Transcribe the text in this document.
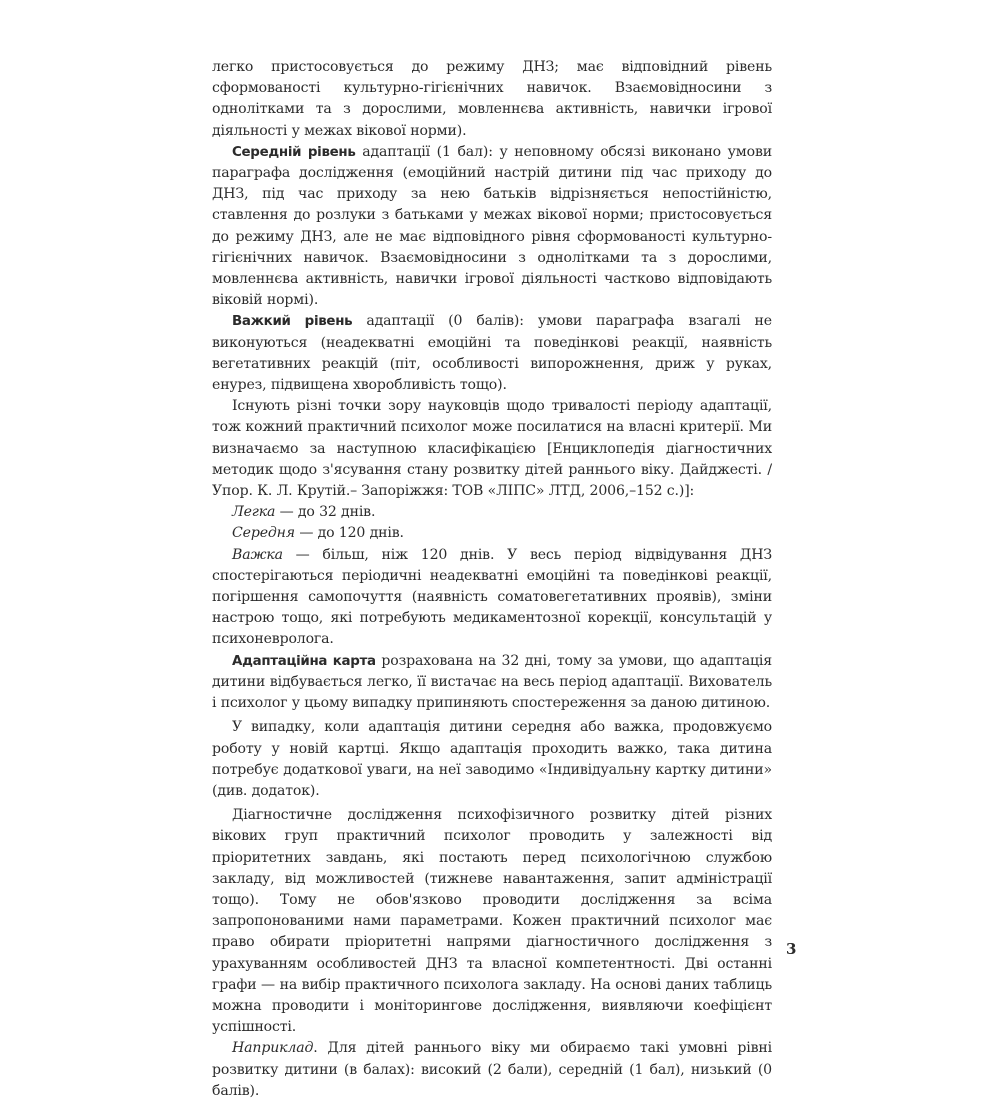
легко пристосовується до режиму ДНЗ; має відповідний рівень сформованості культурно-гігієнічних навичок. Взаємовідносини з однолітками та з дорослими, мовленнєва активність, навички ігрової діяльності у межах вікової норми).

Середній рівень адаптації (1 бал): у неповному обсязі виконано умови параграфа дослідження (емоційний настрій дитини під час приходу до ДНЗ, під час приходу за нею батьків відрізняється непостійністю, ставлення до розлуки з батьками у межах вікової норми; пристосовується до режиму ДНЗ, але не має відповідного рівня сформованості культурно-гігієнічних навичок. Взаємовідносини з однолітками та з дорослими, мовленнєва активність, навички ігрової діяльності частково відповідають віковій нормі).

Важкий рівень адаптації (0 балів): умови параграфа взагалі не виконуються (неадекватні емоційні та поведінкові реакції, наявність вегетативних реакцій (піт, особливості випорожнення, дриж у руках, енурез, підвищена хворобливість тощо).

Існують різні точки зору науковців щодо тривалості періоду адаптації, тож кожний практичний психолог може посилатися на власні критерії. Ми визначаємо за наступною класифікацією [Енциклопедія діагностичних методик щодо з'ясування стану розвитку дітей раннього віку. Дайджесті. / Упор. К. Л. Крутій.– Запоріжжя: ТОВ «ЛІПС» ЛТД, 2006,–152 с.)]:

Легка — до 32 днів.

Середня — до 120 днів.

Важка — більш, ніж 120 днів. У весь період відвідування ДНЗ спостерігаються періодичні неадекватні емоційні та поведінкові реакції, погіршення самопочуття (наявність соматовегетативних проявів), зміни настрою тощо, які потребують медикаментозної корекції, консультацій у психоневролога.

Адаптаційна карта розрахована на 32 дні, тому за умови, що адаптація дитини відбувається легко, її вистачає на весь період адаптації. Вихователь і психолог у цьому випадку припиняють спостереження за даною дитиною.

У випадку, коли адаптація дитини середня або важка, продовжуємо роботу у новій картці. Якщо адаптація проходить важко, така дитина потребує додаткової уваги, на неї заводимо «Індивідуальну картку дитини» (див. додаток).

Діагностичне дослідження психофізичного розвитку дітей різних вікових груп практичний психолог проводить у залежності від пріоритетних завдань, які постають перед психологічною службою закладу, від можливостей (тижневе навантаження, запит адміністрації тощо). Тому не обов'язково проводити дослідження за всіма запропонованими нами параметрами. Кожен практичний психолог має право обирати пріоритетні напрями діагностичного дослідження з урахуванням особливостей ДНЗ та власної компетентності. Дві останні графи — на вибір практичного психолога закладу. На основі даних таблиць можна проводити і моніторингове дослідження, виявляючи коефіцієнт успішності.

Наприклад. Для дітей раннього віку ми обираємо такі умовні рівні розвитку дитини (в балах): високий (2 бали), середній (1 бал), низький (0 балів).

3
